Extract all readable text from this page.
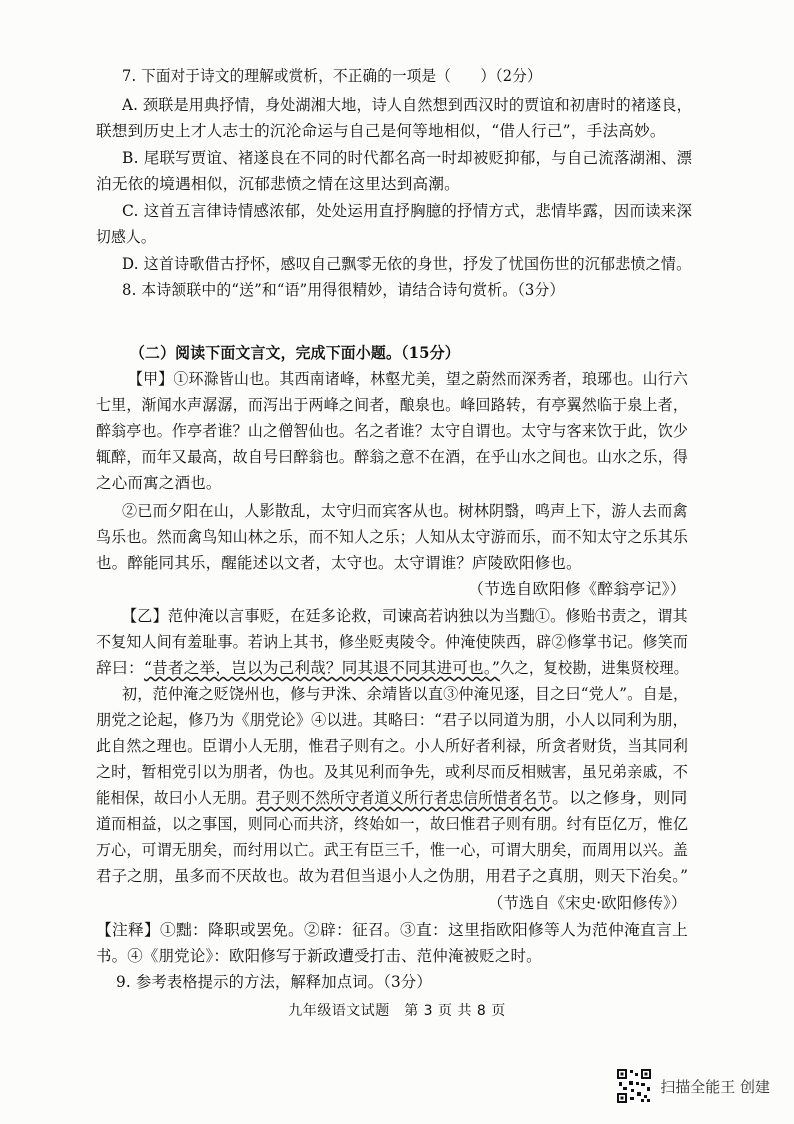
7. 下面对于诗文的理解或赏析，不正确的一项是（　　）（2分）
A. 颈联是用典抒情，身处湖湘大地，诗人自然想到西汉时的贾谊和初唐时的褚遂良，
联想到历史上才人志士的沉沦命运与自己是何等地相似，“借人行己”，手法高妙。
B. 尾联写贾谊、褚遂良在不同的时代都名高一时却被贬抑郁，与自己流落湖湘、漂
泊无依的境遇相似，沉郁悲愤之情在这里达到高潮。
C. 这首五言律诗情感浓郁，处处运用直抒胸臆的抒情方式，悲情毕露，因而读来深
切感人。
D. 这首诗歌借古抒怀，感叹自己飘零无依的身世，抒发了忧国伤世的沉郁悲愤之情。
8. 本诗颔联中的“送”和“语”用得很精妙，请结合诗句赏析。（3分）
（二）阅读下面文言文，完成下面小题。（15分）
【甲】①环滁皆山也。其西南诸峰，林壑尤美，望之蔚然而深秀者，琅琊也。山行六
七里，渐闻水声潺潺，而泻出于两峰之间者，酿泉也。峰回路转，有亭翼然临于泉上者，
醉翁亭也。作亭者谁？山之僧智仙也。名之者谁？太守自谓也。太守与客来饮于此，饮少
辄醉，而年又最高，故自号曰醉翁也。醉翁之意不在酒，在乎山水之间也。山水之乐，得
之心而寓之酒也。
②已而夕阳在山，人影散乱，太守归而宾客从也。树林阴翳，鸣声上下，游人去而禽
鸟乐也。然而禽鸟知山林之乐，而不知人之乐；人知从太守游而乐，而不知太守之乐其乐
也。醉能同其乐，醒能述以文者，太守也。太守谓谁？庐陵欧阳修也。
（节选自欧阳修《醉翁亭记》）
【乙】范仲淹以言事贬，在廷多论救，司谏高若讷独以为当黜①。修贻书责之，谓其
不复知人间有羞耻事。若讷上其书，修坐贬夷陵令。仲淹使陕西，辟②修掌书记。修笑而
辞曰： “昔者之举，岂以为己利哉？同其退不同其进可也。” 久之，复校勘，进集贤校理。
初，范仲淹之贬饶州也，修与尹洙、余靖皆以直③仲淹见逐，目之曰“党人”。自是，
朋党之论起，修乃为《朋党论》④以进。其略曰：“君子以同道为朋，小人以同利为朋，
此自然之理也。臣谓小人无朋，惟君子则有之。小人所好者利禄，所贪者财货，当其同利
之时，暂相党引以为朋者，伪也。及其见利而争先，或利尽而反相贼害，虽兄弟亲戚，不
能相保，故曰小人无朋。 君子则不然所守者道义所行者忠信所惜者名节 。以之修身，则同
道而相益，以之事国，则同心而共济，终始如一，故曰惟君子则有朋。纣有臣亿万，惟亿
万心，可谓无朋矣，而纣用以亡。武王有臣三千，惟一心，可谓大朋矣，而周用以兴。盖
君子之朋，虽多而不厌故也。故为君但当退小人之伪朋，用君子之真朋，则天下治矣。”
（节选自《宋史·欧阳修传》）
【注释】①黜：降职或罢免。②辟：征召。③直：这里指欧阳修等人为范仲淹直言上
书。④《朋党论》：欧阳修写于新政遭受打击、范仲淹被贬之时。
9. 参考表格提示的方法，解释加点词。（3分）
九年级语文试题　第 3 页 共 8 页
扫描全能王 创建
